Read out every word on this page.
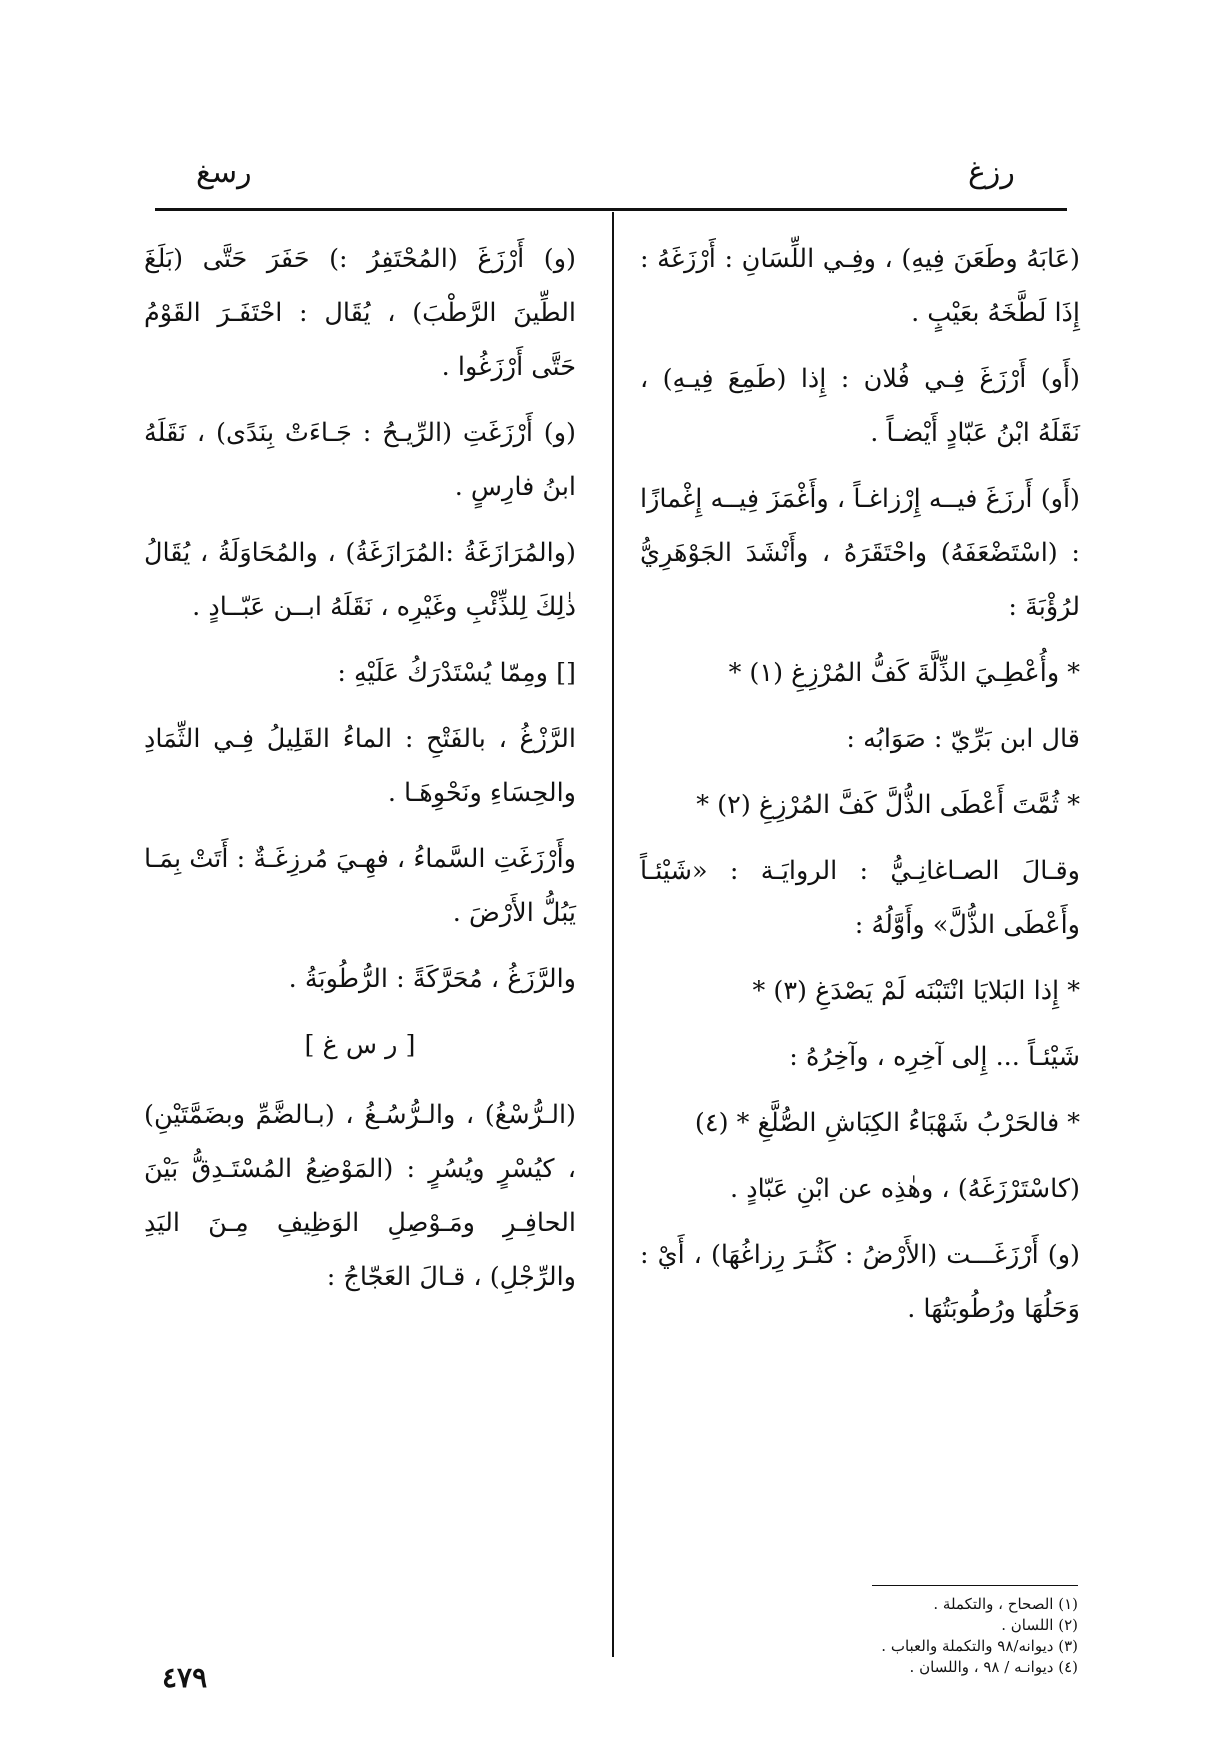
رزغ
رسغ

(عَابَهُ وطَعَنَ فِيهِ) ، وفِـي اللِّسَانِ : أَرْزَغَهُ : إِذَا لَطَّخَهُ بعَيْبٍ .

(أَو) أَرْزَغَ فِـي فُلان : إِذا (طَمِعَ فِيـهِ) ، نَقَلَهُ ابْنُ عَبّادٍ أَيْضـاً .

(أَو) أَرزَغَ فيــه إِرْزاغـاً ، وأَغْمَزَ فِيــه إِغْمازًا : (اسْتَضْعَفَهُ) واحْتَقَرَهُ ، وأَنْشَدَ الجَوْهَرِيُّ لرُؤْبَةَ :

* وأُعْطِـيَ الذِّلَّةَ كَفُّ المُرْزِغِ (١) *

قال ابن بَرِّيّ : صَوَابُه :

* ثُمَّتَ أَعْطَى الذُّلَّ كَفَّ المُرْزِغِ (٢) *

وقـالَ الصـاغانِـيُّ : الروايَـة : «شَيْئـاً وأَعْطَى الذُّلَّ» وأَوَّلُهُ :

* إِذا البَلايَا انْتَبْنَه لَمْ يَصْدَغِ (٣) *

شَيْئـاً ... إِلى آخِرِه ، وآخِرُهُ :

* فالحَرْبُ شَهْبَاءُ الكِبَاشِ الصُّلَّغِ * (٤)

(كاسْتَرْزَغَهُ) ، وهٰذِه عن ابْنِ عَبّادٍ .

(و) أَرْزَغَـــت (الأَرْضُ : كَثُـرَ رِزاغُهَا) ، أَيْ : وَحَلُهَا ورُطُوبَتُهَا .

(و) أَرْزَغَ (المُحْتَفِرُ :) حَفَرَ حَتَّى (بَلَغَ الطِّينَ الرَّطْبَ) ، يُقَال : احْتَفَـرَ القَوْمُ حَتَّى أَرْزَغُوا .

(و) أَرْزَغَتِ (الرِّيـحُ : جَـاءَتْ بِنَدًى) ، نَقَلَهُ ابنُ فارِسٍ .

(والمُرَازَغَةُ :المُرَازَغَةُ) ، والمُحَاوَلَةُ ، يُقَالُ ذٰلِكَ لِلذِّئْبِ وغَيْرِه ، نَقَلَهُ ابــن عَبّــادٍ .

[] ومِمّا يُسْتَدْرَكُ عَلَيْهِ :

الرَّزْغُ ، بالفَتْحِ : الماءُ القَلِيلُ فِـي الثِّمَادِ والحِسَاءِ ونَحْوِهَـا .

وأَرْزَغَتِ السَّماءُ ، فهِـيَ مُرزِغَـةٌ : أَتَتْ بِمَـا يَبُلُّ الأَرْضَ .

والرَّزَغُ ، مُحَرَّكَةً : الرُّطُوبَةُ .

[ ر س غ ]

(الـرُّسْغُ) ، والـرُّسُـغُ ، (بـالضَّمِّ وبضَمَّتَيْنِ) ، كيُسْرٍ ويُسُرٍ : (المَوْضِعُ المُسْتَـدِقُّ بَيْنَ الحافِـرِ ومَـوْصِلِ الوَظِيفِ مِـنَ اليَدِ والرِّجْلِ) ، قـالَ العَجّاجُ :

(١) الصحاح ، والتكملة .
(٢) اللسان .
(٣) ديوانه/٩٨ والتكملة والعباب .
(٤) ديوانـه / ٩٨ ، واللسان .
٤٧٩
